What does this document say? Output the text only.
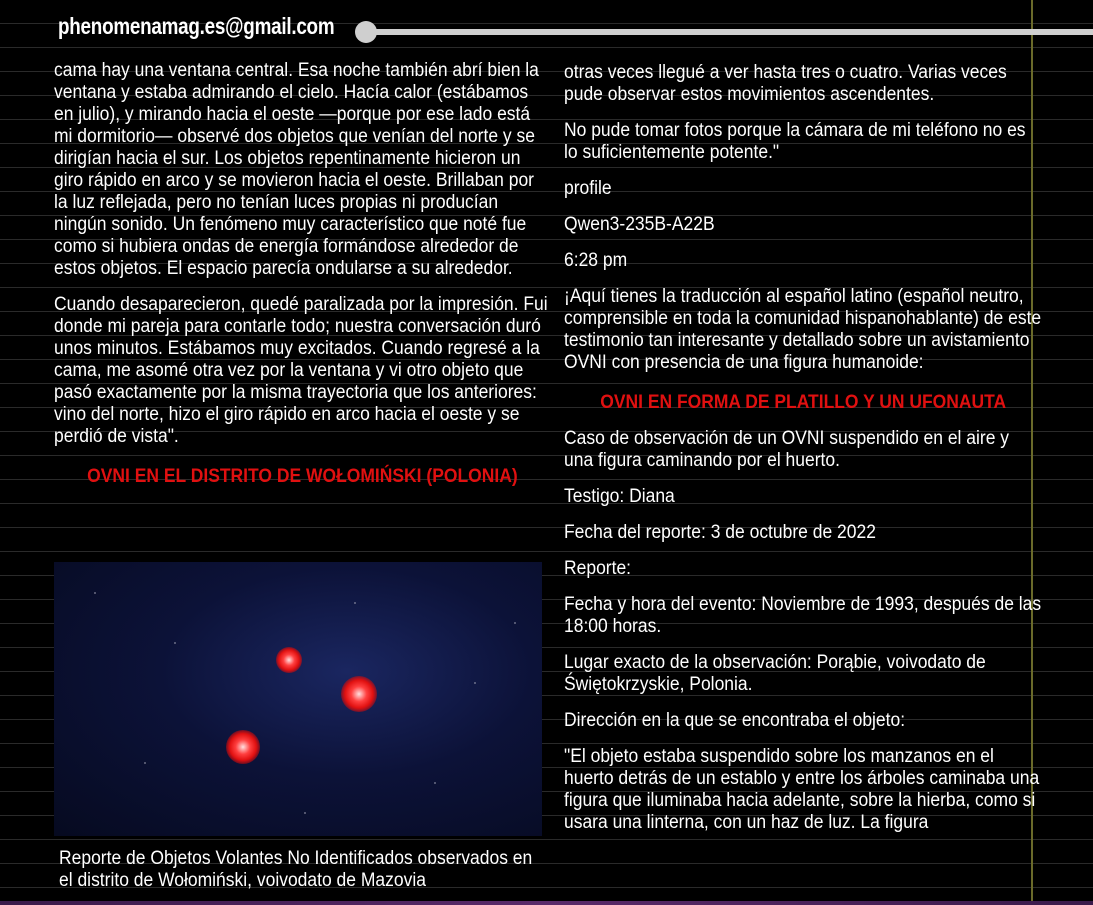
phenomenamag.es@gmail.com

cama hay una ventana central. Esa noche también abrí bien la ventana y estaba admirando el cielo. Hacía calor (estábamos en julio), y mirando hacia el oeste —porque por ese lado está mi dormitorio— observé dos objetos que venían del norte y se dirigían hacia el sur. Los objetos repentinamente hicieron un giro rápido en arco y se movieron hacia el oeste. Brillaban por la luz reflejada, pero no tenían luces propias ni producían ningún sonido. Un fenómeno muy característico que noté fue como si hubiera ondas de energía formándose alrededor de estos objetos. El espacio parecía ondularse a su alrededor.

Cuando desaparecieron, quedé paralizada por la impresión. Fui donde mi pareja para contarle todo; nuestra conversación duró unos minutos. Estábamos muy excitados. Cuando regresé a la cama, me asomé otra vez por la ventana y vi otro objeto que pasó exactamente por la misma trayectoria que los anteriores: vino del norte, hizo el giro rápido en arco hacia el oeste y se perdió de vista".

OVNI EN EL DISTRITO DE WOŁOMIŃSKI (POLONIA)

Reporte de Objetos Volantes No Identificados observados en el distrito de Wołomiński, voivodato de Mazovia

otras veces llegué a ver hasta tres o cuatro. Varias veces pude observar estos movimientos ascendentes.

No pude tomar fotos porque la cámara de mi teléfono no es lo suficientemente potente."

profile

Qwen3-235B-A22B

6:28 pm

¡Aquí tienes la traducción al español latino (español neutro, comprensible en toda la comunidad hispanohablante) de este testimonio tan interesante y detallado sobre un avistamiento OVNI con presencia de una figura humanoide:

OVNI EN FORMA DE PLATILLO Y UN UFONAUTA

Caso de observación de un OVNI suspendido en el aire y una figura caminando por el huerto.

Testigo: Diana

Fecha del reporte: 3 de octubre de 2022

Reporte:

Fecha y hora del evento: Noviembre de 1993, después de las 18:00 horas.

Lugar exacto de la observación: Porąbie, voivodato de Świętokrzyskie, Polonia.

Dirección en la que se encontraba el objeto:

"El objeto estaba suspendido sobre los manzanos en el huerto detrás de un establo y entre los árboles caminaba una figura que iluminaba hacia adelante, sobre la hierba, como si usara una linterna, con un haz de luz. La figura
